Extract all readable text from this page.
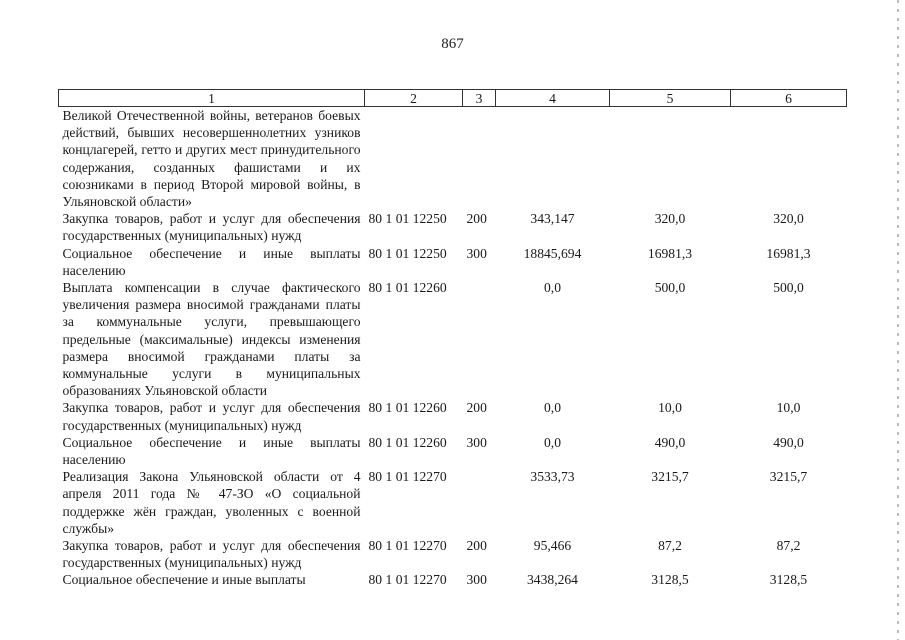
867
1	2	3	4	5	6
Великой Отечественной войны, ветеранов боевых действий, бывших несовершеннолетних узников концлагерей, гетто и других мест принудительного содержания, созданных фашистами и их союзниками в период Второй мировой войны, в Ульяновской области»					
Закупка товаров, работ и услуг для обеспечения государственных (муниципальных) нужд	80 1 01 12250	200	343,147	320,0	320,0
Социальное обеспечение и иные выплаты населению	80 1 01 12250	300	18845,694	16981,3	16981,3
Выплата компенсации в случае фактического увеличения размера вносимой гражданами платы за коммунальные услуги, превышающего предельные (максимальные) индексы изменения размера вносимой гражданами платы за коммунальные услуги в муниципальных образованиях Ульяновской области	80 1 01 12260		0,0	500,0	500,0
Закупка товаров, работ и услуг для обеспечения государственных (муниципальных) нужд	80 1 01 12260	200	0,0	10,0	10,0
Социальное обеспечение и иные выплаты населению	80 1 01 12260	300	0,0	490,0	490,0
Реализация Закона Ульяновской области от 4 апреля 2011 года № 47-ЗО «О социальной поддержке жён граждан, уволенных с военной службы»	80 1 01 12270		3533,73	3215,7	3215,7
Закупка товаров, работ и услуг для обеспечения государственных (муниципальных) нужд	80 1 01 12270	200	95,466	87,2	87,2
Социальное обеспечение и иные выплаты	80 1 01 12270	300	3438,264	3128,5	3128,5
